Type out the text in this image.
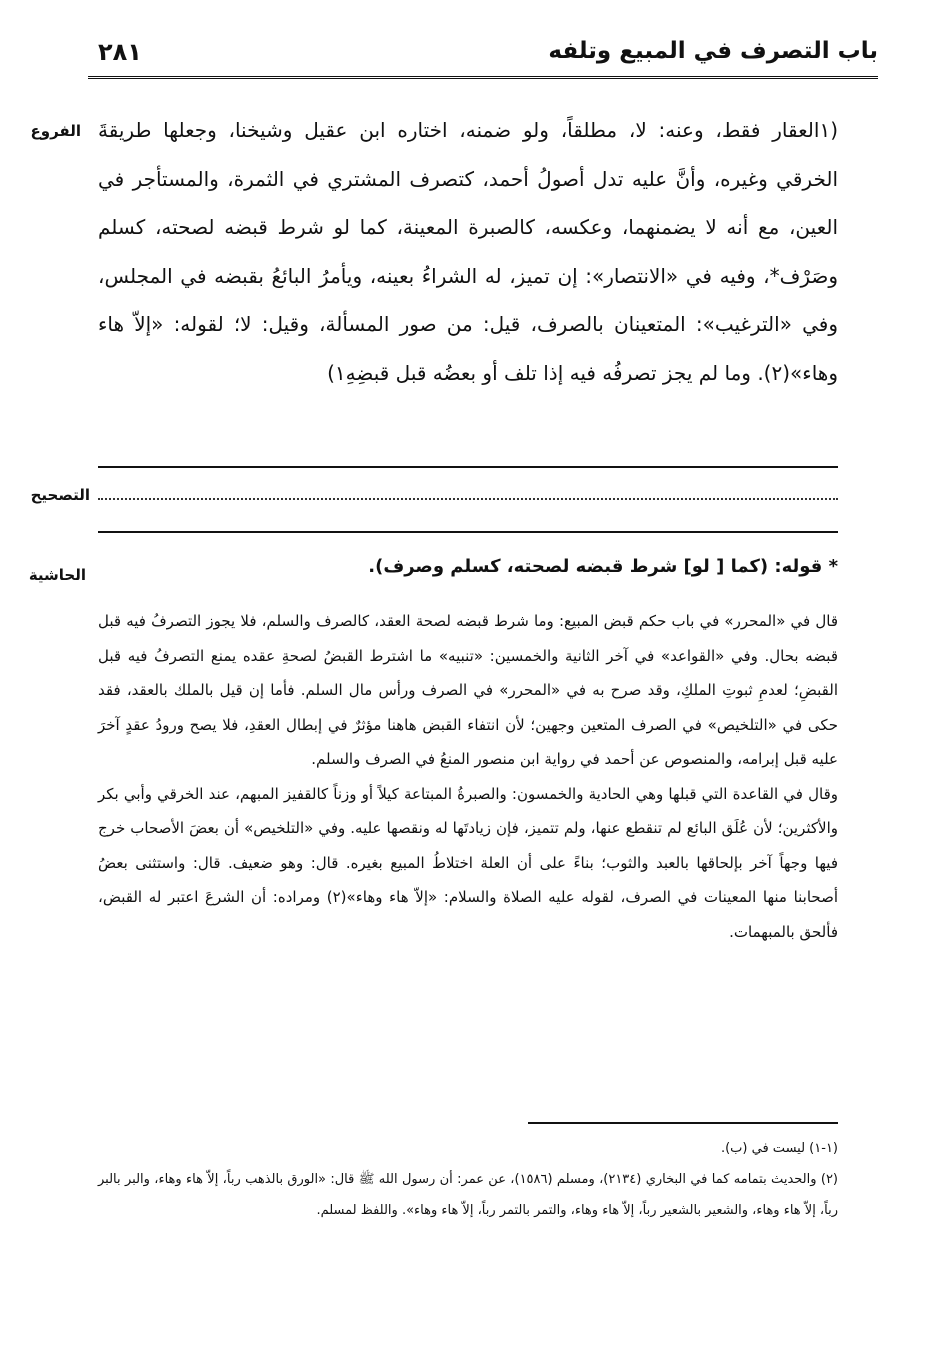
٢٨١	باب التصرف في المبيع وتلفه
الفروع (١العقار فقط، وعنه: لا، مطلقاً، ولو ضمنه، اختاره ابن عقيل وشيخنا، وجعلها طريقةَ الخرقي وغيره، وأنَّ عليه تدل أصولُ أحمد، كتصرف المشتري في الثمرة، والمستأجر في العين، مع أنه لا يضمنهما، وعكسه، كالصبرة المعينة، كما لو شرط قبضه لصحته، كسلم وصَرْف*، وفيه في «الانتصار»: إن تميز، له الشراءُ بعينه، ويأمرُ البائعُ بقبضه في المجلس، وفي «الترغيب»: المتعينان بالصرف، قيل: من صور المسألة، وقيل: لا؛ لقوله: «إلاّ هاء وهاء»(٢). وما لم يجز تصرفُه فيه إذا تلف أو بعضُه قبل قبضِهِ١)
التصحيح
الحاشية	* قوله: (كما [ لو] شرط قبضه لصحته، كسلم وصرف).

قال في «المحرر» في باب حكم قبض المبيع: وما شرط قبضه لصحة العقد، كالصرف والسلم، فلا يجوز التصرفُ فيه قبل قبضه بحال. وفي «القواعد» في آخر الثانية والخمسين: «تنبيه» ما اشترط القبضُ لصحةِ عقده يمنع التصرفُ فيه قبل القبضِ؛ لعدمِ ثبوتِ الملكِ، وقد صرح به في «المحرر» في الصرف ورأس مال السلم. فأما إن قيل بالملك بالعقد، فقد حكى في «التلخيص» في الصرف المتعين وجهين؛ لأن انتفاء القبض هاهنا مؤثرٌ في إبطال العقدِ، فلا يصح ورودُ عقدٍ آخرَ عليه قبل إبرامه، والمنصوص عن أحمد في رواية ابن منصور المنعُ في الصرف والسلم.

وقال في القاعدة التي قبلها وهي الحادية والخمسون: والصبرةُ المبتاعة كيلاً أو وزناً كالقفيز المبهم، عند الخرقي وأبي بكر والأكثرين؛ لأن عُلَق البائع لم تنقطع عنها، ولم تتميز، فإن زيادتَها له ونقصها عليه. وفي «التلخيص» أن بعضَ الأصحاب خرج فيها وجهاً آخر بإلحاقها بالعبد والثوب؛ بناءً على أن العلة اختلاطُ المبيع بغيره. قال: وهو ضعيف. قال: واستثنى بعضُ أصحابنا منها المعينات في الصرف، لقوله عليه الصلاة والسلام: «إلاّ هاء وهاء»(٢) ومراده: أن الشرعَ اعتبر له القبض، فألحق بالمبهمات.

(١-١) ليست في (ب).

(٢) والحديث بتمامه كما في البخاري (٢١٣٤)، ومسلم (١٥٨٦)، عن عمر: أن رسول الله ﷺ قال: «الورق بالذهب رباً، إلاّ هاء وهاء، والبر بالبر رباً، إلاّ هاء وهاء، والشعير بالشعير رباً، إلاّ هاء وهاء، والتمر بالتمر رباً، إلاّ هاء وهاء». واللفظ لمسلم.
